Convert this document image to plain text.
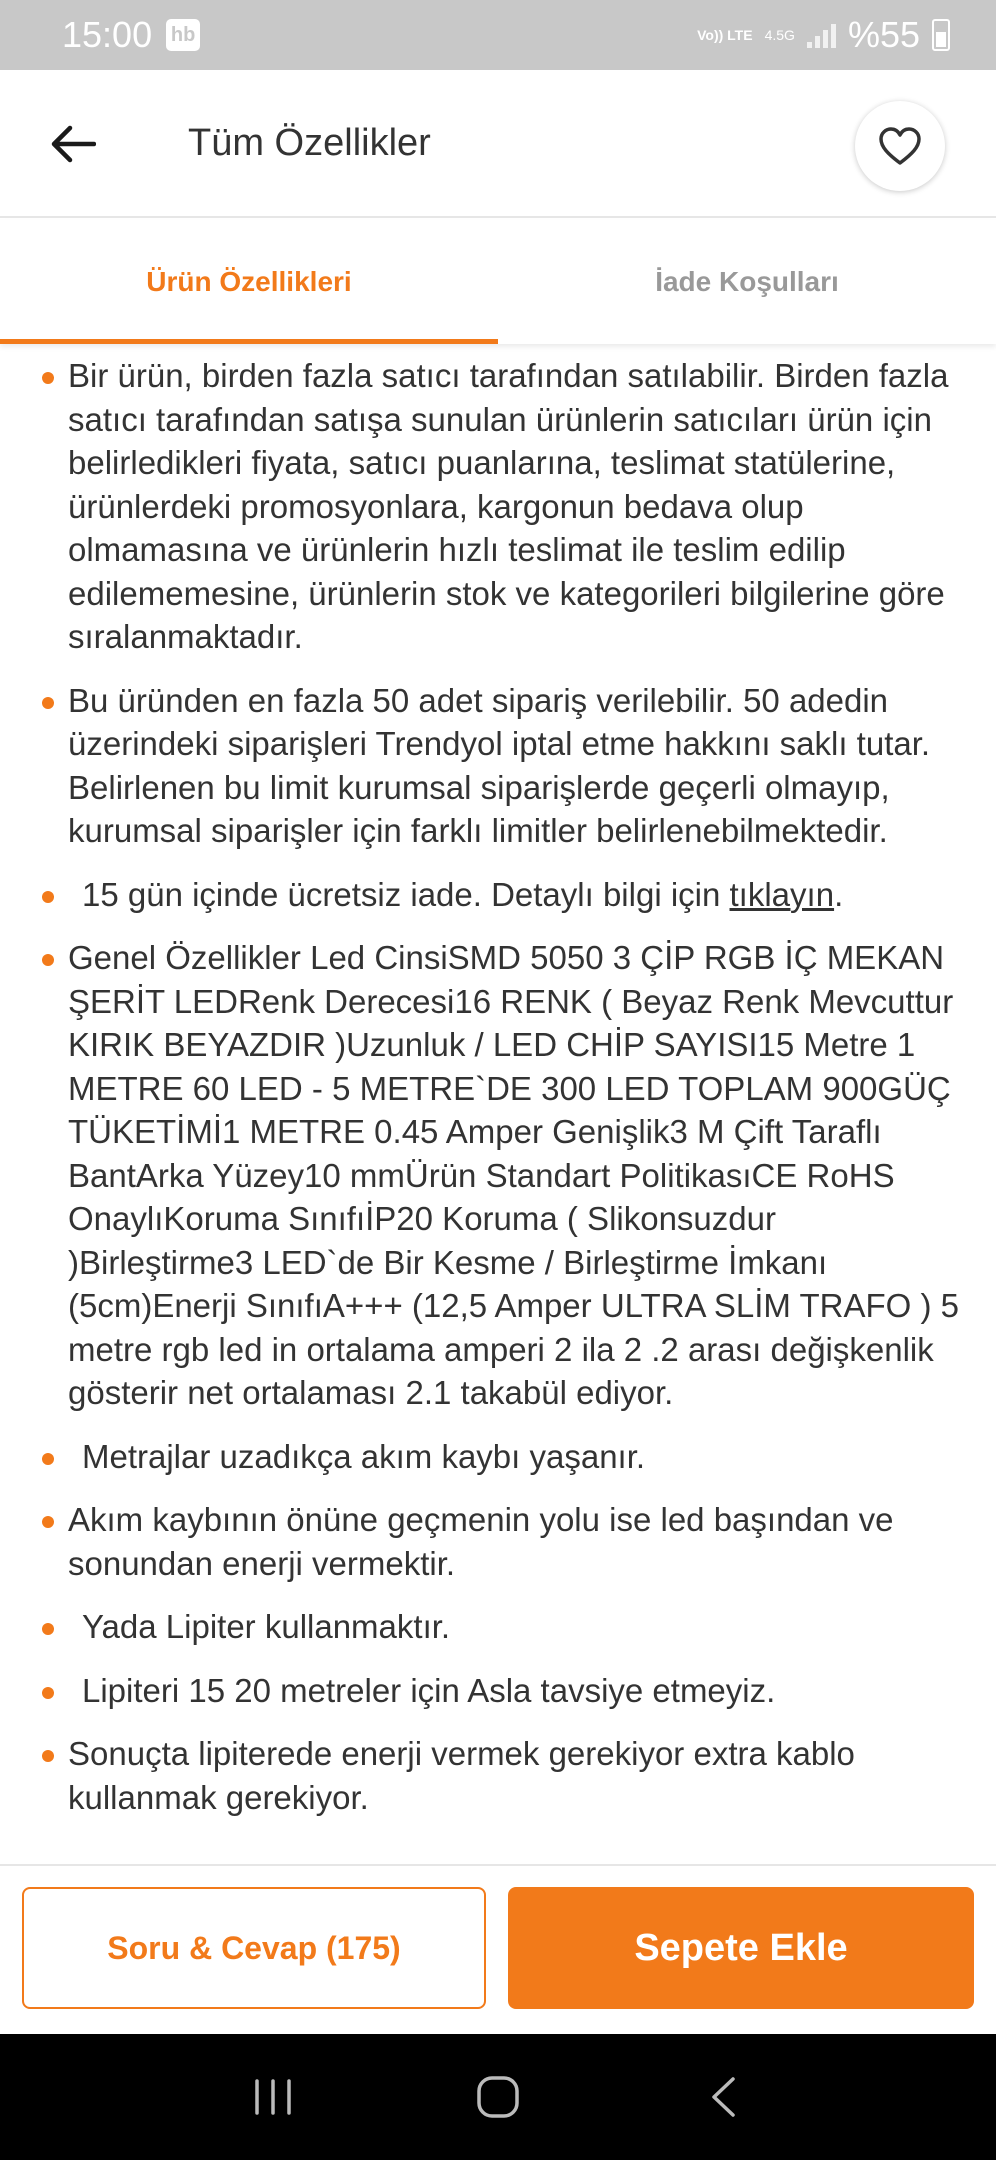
15:00 hb	Vo)) LTE 4.5G %55
Tüm Özellikler
Ürün Özellikleri	İade Koşulları
Bir ürün, birden fazla satıcı tarafından satılabilir. Birden fazla satıcı tarafından satışa sunulan ürünlerin satıcıları ürün için belirledikleri fiyata, satıcı puanlarına, teslimat statülerine, ürünlerdeki promosyonlara, kargonun bedava olup olmamasına ve ürünlerin hızlı teslimat ile teslim edilip edilememesine, ürünlerin stok ve kategorileri bilgilerine göre sıralanmaktadır.
Bu üründen en fazla 50 adet sipariş verilebilir. 50 adedin üzerindeki siparişleri Trendyol iptal etme hakkını saklı tutar. Belirlenen bu limit kurumsal siparişlerde geçerli olmayıp, kurumsal siparişler için farklı limitler belirlenebilmektedir.
15 gün içinde ücretsiz iade. Detaylı bilgi için tıklayın.
Genel Özellikler Led CinsiSMD 5050 3 ÇİP RGB İÇ MEKAN ŞERİT LEDRenk Derecesi16 RENK ( Beyaz Renk Mevcuttur KIRIK BEYAZDIR )Uzunluk / LED CHİP SAYISI15 Metre 1 METRE 60 LED - 5 METRE`DE 300 LED TOPLAM 900GÜÇ TÜKETİMİ1 METRE 0.45 Amper Genişlik3 M Çift Taraflı BantArka Yüzey10 mmÜrün Standart PolitikasıCE RoHS OnaylıKoruma SınıfıİP20 Koruma ( Slikonsuzdur )Birleştirme3 LED`de Bir Kesme / Birleştirme İmkanı (5cm)Enerji SınıfıA+++ (12,5 Amper ULTRA SLİM TRAFO ) 5 metre rgb led in ortalama amperi 2 ila 2 .2 arası değişkenlik gösterir net ortalaması 2.1 takabül ediyor.
Metrajlar uzadıkça akım kaybı yaşanır.
Akım kaybının önüne geçmenin yolu ise led başından ve sonundan enerji vermektir.
Yada Lipiter kullanmaktır.
Lipiteri 15 20 metreler için Asla tavsiye etmeyiz.
Sonuçta lipiterede enerji vermek gerekiyor extra kablo kullanmak gerekiyor.
Soru & Cevap (175)	Sepete Ekle
